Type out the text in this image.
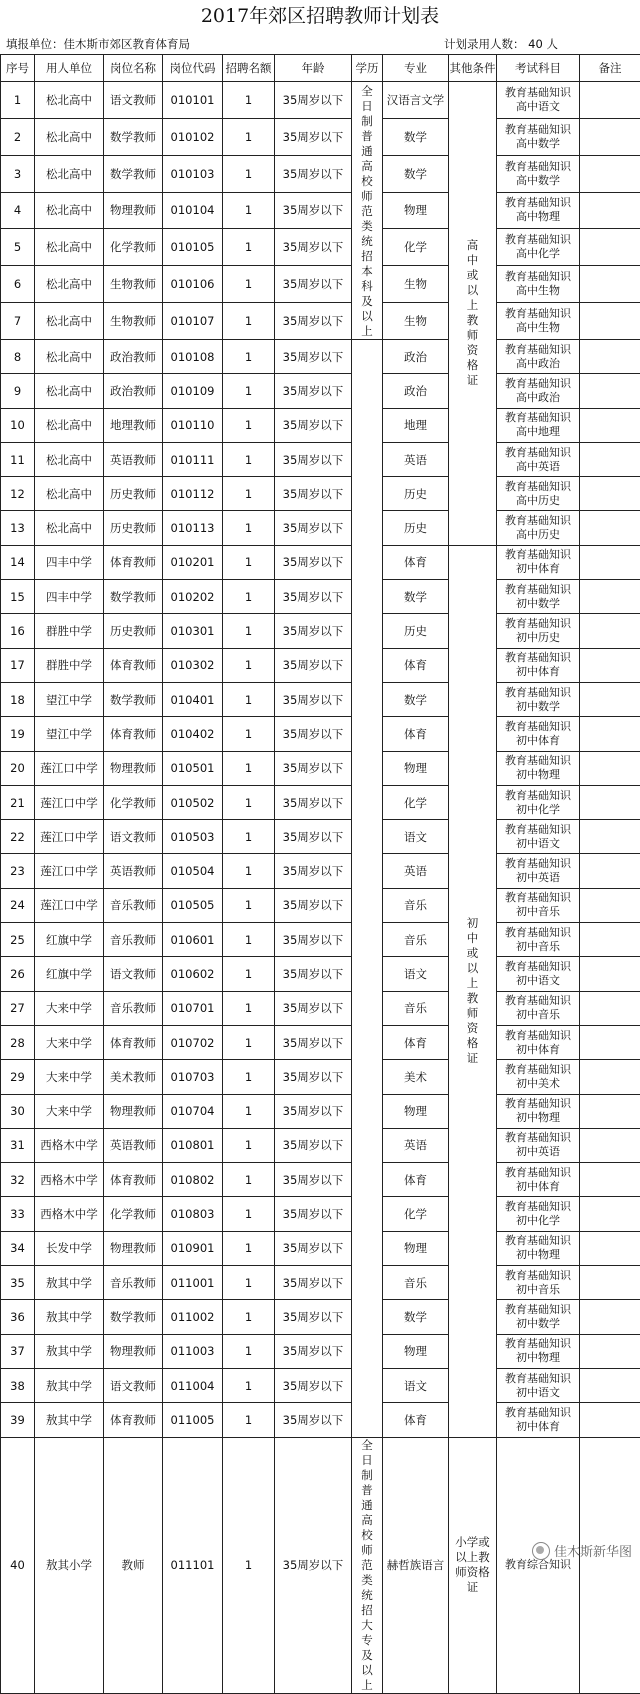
2017年郊区招聘教师计划表
填报单位：佳木斯市郊区教育体育局	计划录用人数： 40 人
序号	用人单位	岗位名称	岗位代码	招聘名额	年龄	学历	专业	其他条件	考试科目	备注
1	松北高中	语文教师	010101	1	35周岁以下	全日制普通高校师范类统招本科及以上	汉语言文学	高中或以上教师资格证	教育基础知识
高中语文	

2	松北高中	数学教师	010102	1	35周岁以下		数学		教育基础知识
高中数学	

3	松北高中	数学教师	010103	1	35周岁以下		数学		教育基础知识
高中数学	

4	松北高中	物理教师	010104	1	35周岁以下		物理		教育基础知识
高中物理	

5	松北高中	化学教师	010105	1	35周岁以下		化学		教育基础知识
高中化学	

6	松北高中	生物教师	010106	1	35周岁以下		生物		教育基础知识
高中生物	

7	松北高中	生物教师	010107	1	35周岁以下		生物		教育基础知识
高中生物	

8	松北高中	政治教师	010108	1	35周岁以下		政治		教育基础知识
高中政治	

9	松北高中	政治教师	010109	1	35周岁以下		政治		教育基础知识
高中政治	

10	松北高中	地理教师	010110	1	35周岁以下		地理		教育基础知识
高中地理	

11	松北高中	英语教师	010111	1	35周岁以下		英语		教育基础知识
高中英语	

12	松北高中	历史教师	010112	1	35周岁以下		历史		教育基础知识
高中历史	

13	松北高中	历史教师	010113	1	35周岁以下		历史		教育基础知识
高中历史	

14	四丰中学	体育教师	010201	1	35周岁以下		体育	初中或以上教师资格证	教育基础知识
初中体育	

15	四丰中学	数学教师	010202	1	35周岁以下		数学		教育基础知识
初中数学	

16	群胜中学	历史教师	010301	1	35周岁以下		历史		教育基础知识
初中历史	

17	群胜中学	体育教师	010302	1	35周岁以下		体育		教育基础知识
初中体育	

18	望江中学	数学教师	010401	1	35周岁以下		数学		教育基础知识
初中数学	

19	望江中学	体育教师	010402	1	35周岁以下		体育		教育基础知识
初中体育	

20	莲江口中学	物理教师	010501	1	35周岁以下		物理		教育基础知识
初中物理	

21	莲江口中学	化学教师	010502	1	35周岁以下		化学		教育基础知识
初中化学	

22	莲江口中学	语文教师	010503	1	35周岁以下		语文		教育基础知识
初中语文	

23	莲江口中学	英语教师	010504	1	35周岁以下		英语		教育基础知识
初中英语	

24	莲江口中学	音乐教师	010505	1	35周岁以下		音乐		教育基础知识
初中音乐	

25	红旗中学	音乐教师	010601	1	35周岁以下		音乐		教育基础知识
初中音乐	

26	红旗中学	语文教师	010602	1	35周岁以下		语文		教育基础知识
初中语文	

27	大来中学	音乐教师	010701	1	35周岁以下		音乐		教育基础知识
初中音乐	

28	大来中学	体育教师	010702	1	35周岁以下		体育		教育基础知识
初中体育	

29	大来中学	美术教师	010703	1	35周岁以下		美术		教育基础知识
初中美术	

30	大来中学	物理教师	010704	1	35周岁以下		物理		教育基础知识
初中物理	

31	西格木中学	英语教师	010801	1	35周岁以下		英语		教育基础知识
初中英语	

32	西格木中学	体育教师	010802	1	35周岁以下		体育		教育基础知识
初中体育	

33	西格木中学	化学教师	010803	1	35周岁以下		化学		教育基础知识
初中化学	

34	长发中学	物理教师	010901	1	35周岁以下		物理		教育基础知识
初中物理	

35	敖其中学	音乐教师	011001	1	35周岁以下		音乐		教育基础知识
初中音乐	

36	敖其中学	数学教师	011002	1	35周岁以下		数学		教育基础知识
初中数学	

37	敖其中学	物理教师	011003	1	35周岁以下		物理		教育基础知识
初中物理	

38	敖其中学	语文教师	011004	1	35周岁以下		语文		教育基础知识
初中语文	

39	敖其中学	体育教师	011005	1	35周岁以下		体育		教育基础知识
初中体育	

40	敖其小学	教师	011101	1	35周岁以下	全日制普通高校师范类统招大专及以上	赫哲族语言	小学或以上教师资格证	教育综合知识	

佳木斯新华图
